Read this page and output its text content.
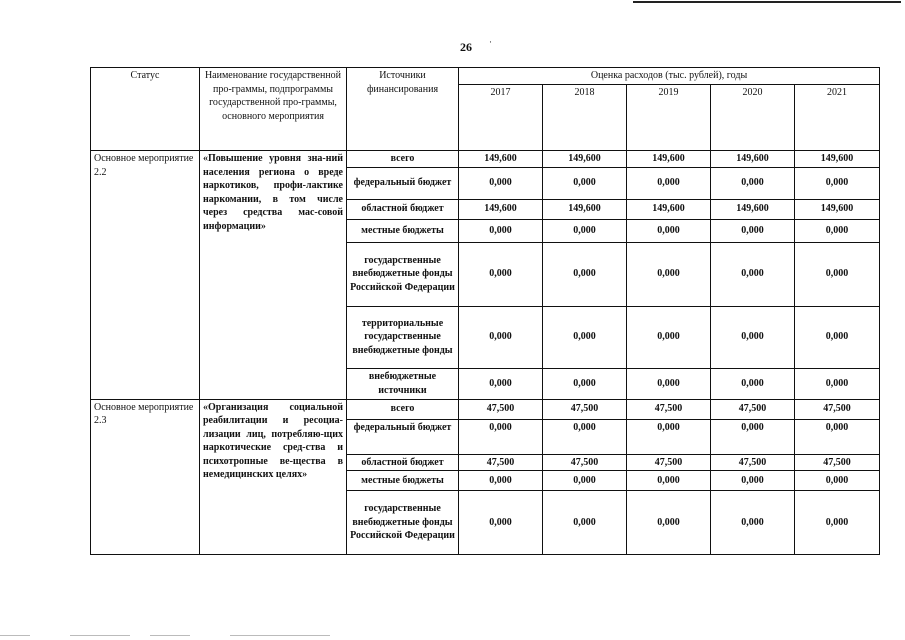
26 ·
Статус	Наименование государственной про-граммы, подпрограммы государственной про-граммы, основного мероприятия	Источники финансирования	Оценка расходов (тыс. рублей), годы				
			2017	2018	2019	2020	2021
Основное мероприятие 2.2	«Повышение уровня зна-ний населения региона о вреде наркотиков, профи-лактике наркомании, в том числе через средства мас-совой информации»	всего	149,600	149,600	149,600	149,600	149,600
		федеральный бюджет	0,000	0,000	0,000	0,000	0,000
		областной бюджет	149,600	149,600	149,600	149,600	149,600
		местные бюджеты	0,000	0,000	0,000	0,000	0,000
		государственные внебюджетные фонды Российской Федерации	0,000	0,000	0,000	0,000	0,000
		территориальные государственные внебюджетные фонды	0,000	0,000	0,000	0,000	0,000
		внебюджетные источники	0,000	0,000	0,000	0,000	0,000
Основное мероприятие 2.3	«Организация социальной реабилитации и ресоциа-лизации лиц, потребляю-щих наркотические сред-ства и психотропные ве-щества в немедицинских целях»	всего	47,500	47,500	47,500	47,500	47,500
		федеральный бюджет	0,000	0,000	0,000	0,000	0,000
		областной бюджет	47,500	47,500	47,500	47,500	47,500
		местные бюджеты	0,000	0,000	0,000	0,000	0,000
		государственные внебюджетные фонды Российской Федерации	0,000	0,000	0,000	0,000	0,000
